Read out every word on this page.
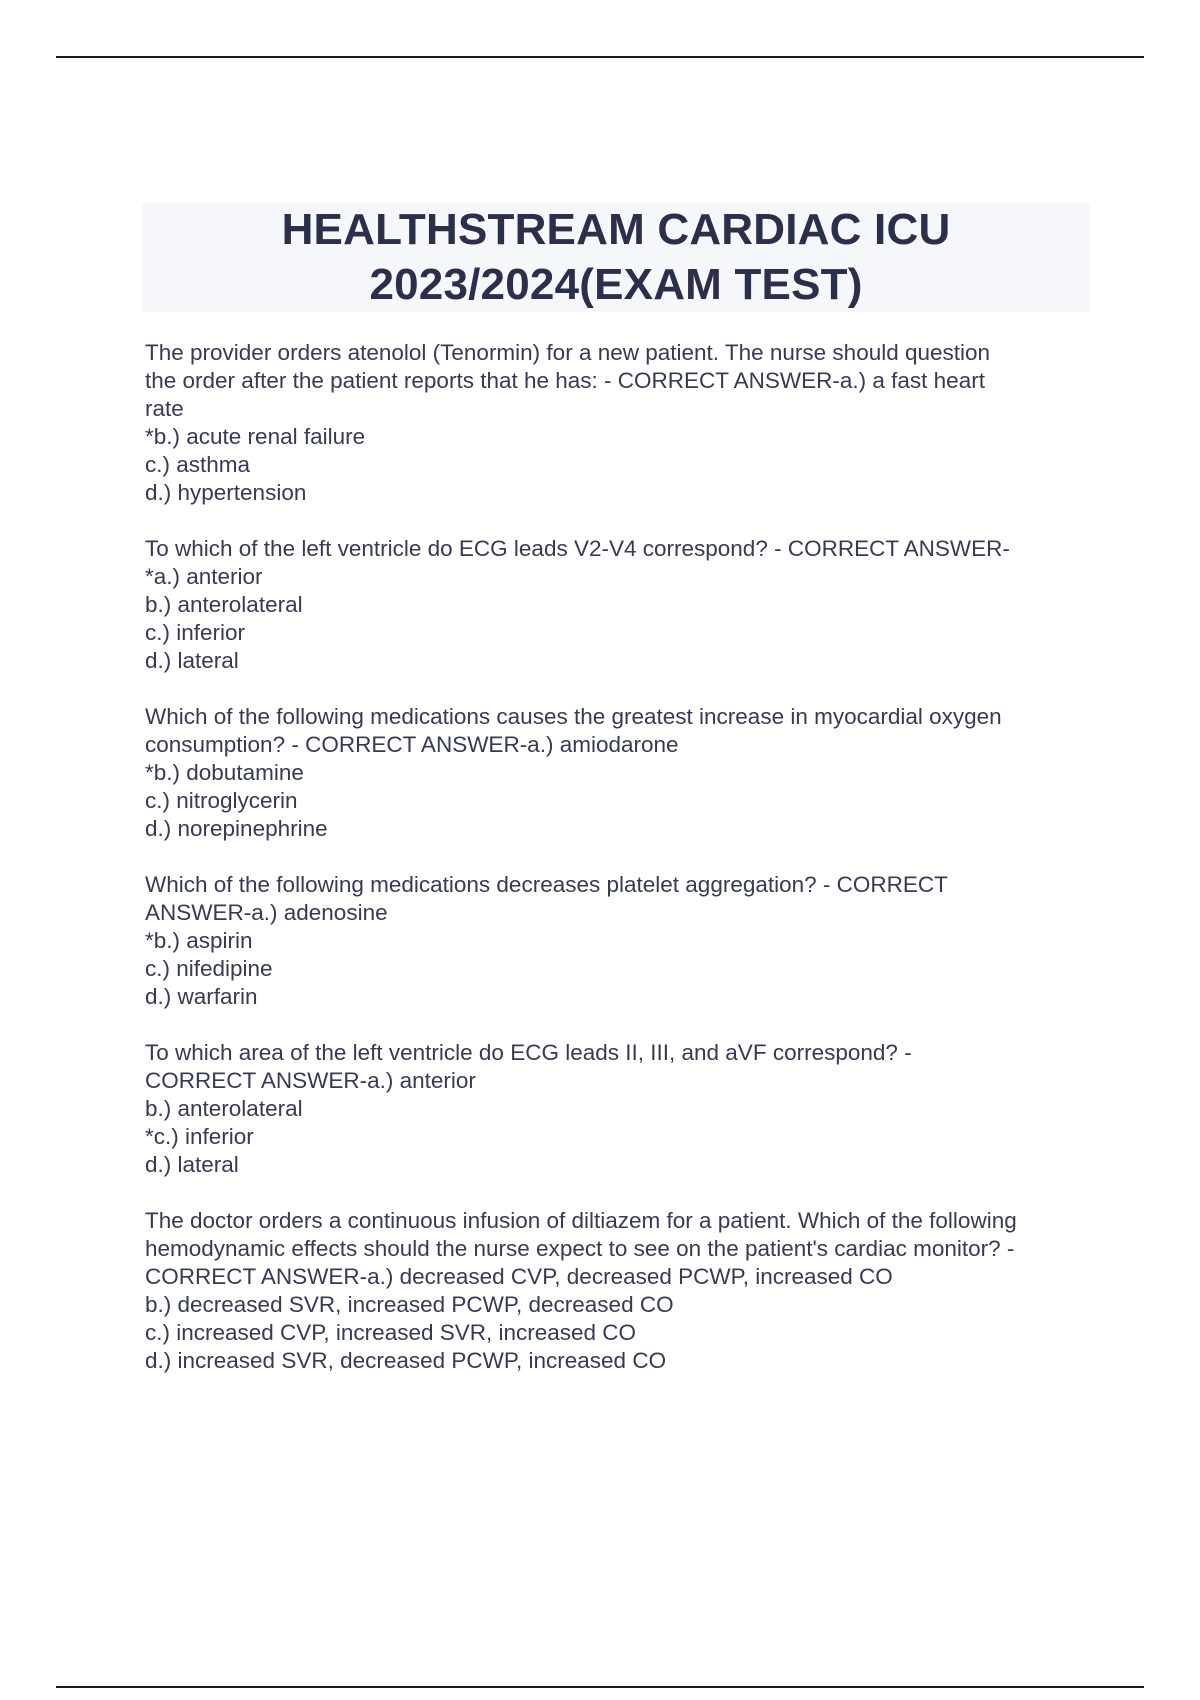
HEALTHSTREAM CARDIAC ICU
2023/2024(EXAM TEST)
The provider orders atenolol (Tenormin) for a new patient. The nurse should question
the order after the patient reports that he has: - CORRECT ANSWER-a.) a fast heart
rate
*b.) acute renal failure
c.) asthma
d.) hypertension
To which of the left ventricle do ECG leads V2-V4 correspond? - CORRECT ANSWER-
*a.) anterior
b.) anterolateral
c.) inferior
d.) lateral
Which of the following medications causes the greatest increase in myocardial oxygen
consumption? - CORRECT ANSWER-a.) amiodarone
*b.) dobutamine
c.) nitroglycerin
d.) norepinephrine
Which of the following medications decreases platelet aggregation? - CORRECT
ANSWER-a.) adenosine
*b.) aspirin
c.) nifedipine
d.) warfarin
To which area of the left ventricle do ECG leads II, III, and aVF correspond? -
CORRECT ANSWER-a.) anterior
b.) anterolateral
*c.) inferior
d.) lateral
The doctor orders a continuous infusion of diltiazem for a patient. Which of the following
hemodynamic effects should the nurse expect to see on the patient's cardiac monitor? -
CORRECT ANSWER-a.) decreased CVP, decreased PCWP, increased CO
b.) decreased SVR, increased PCWP, decreased CO
c.) increased CVP, increased SVR, increased CO
d.) increased SVR, decreased PCWP, increased CO
